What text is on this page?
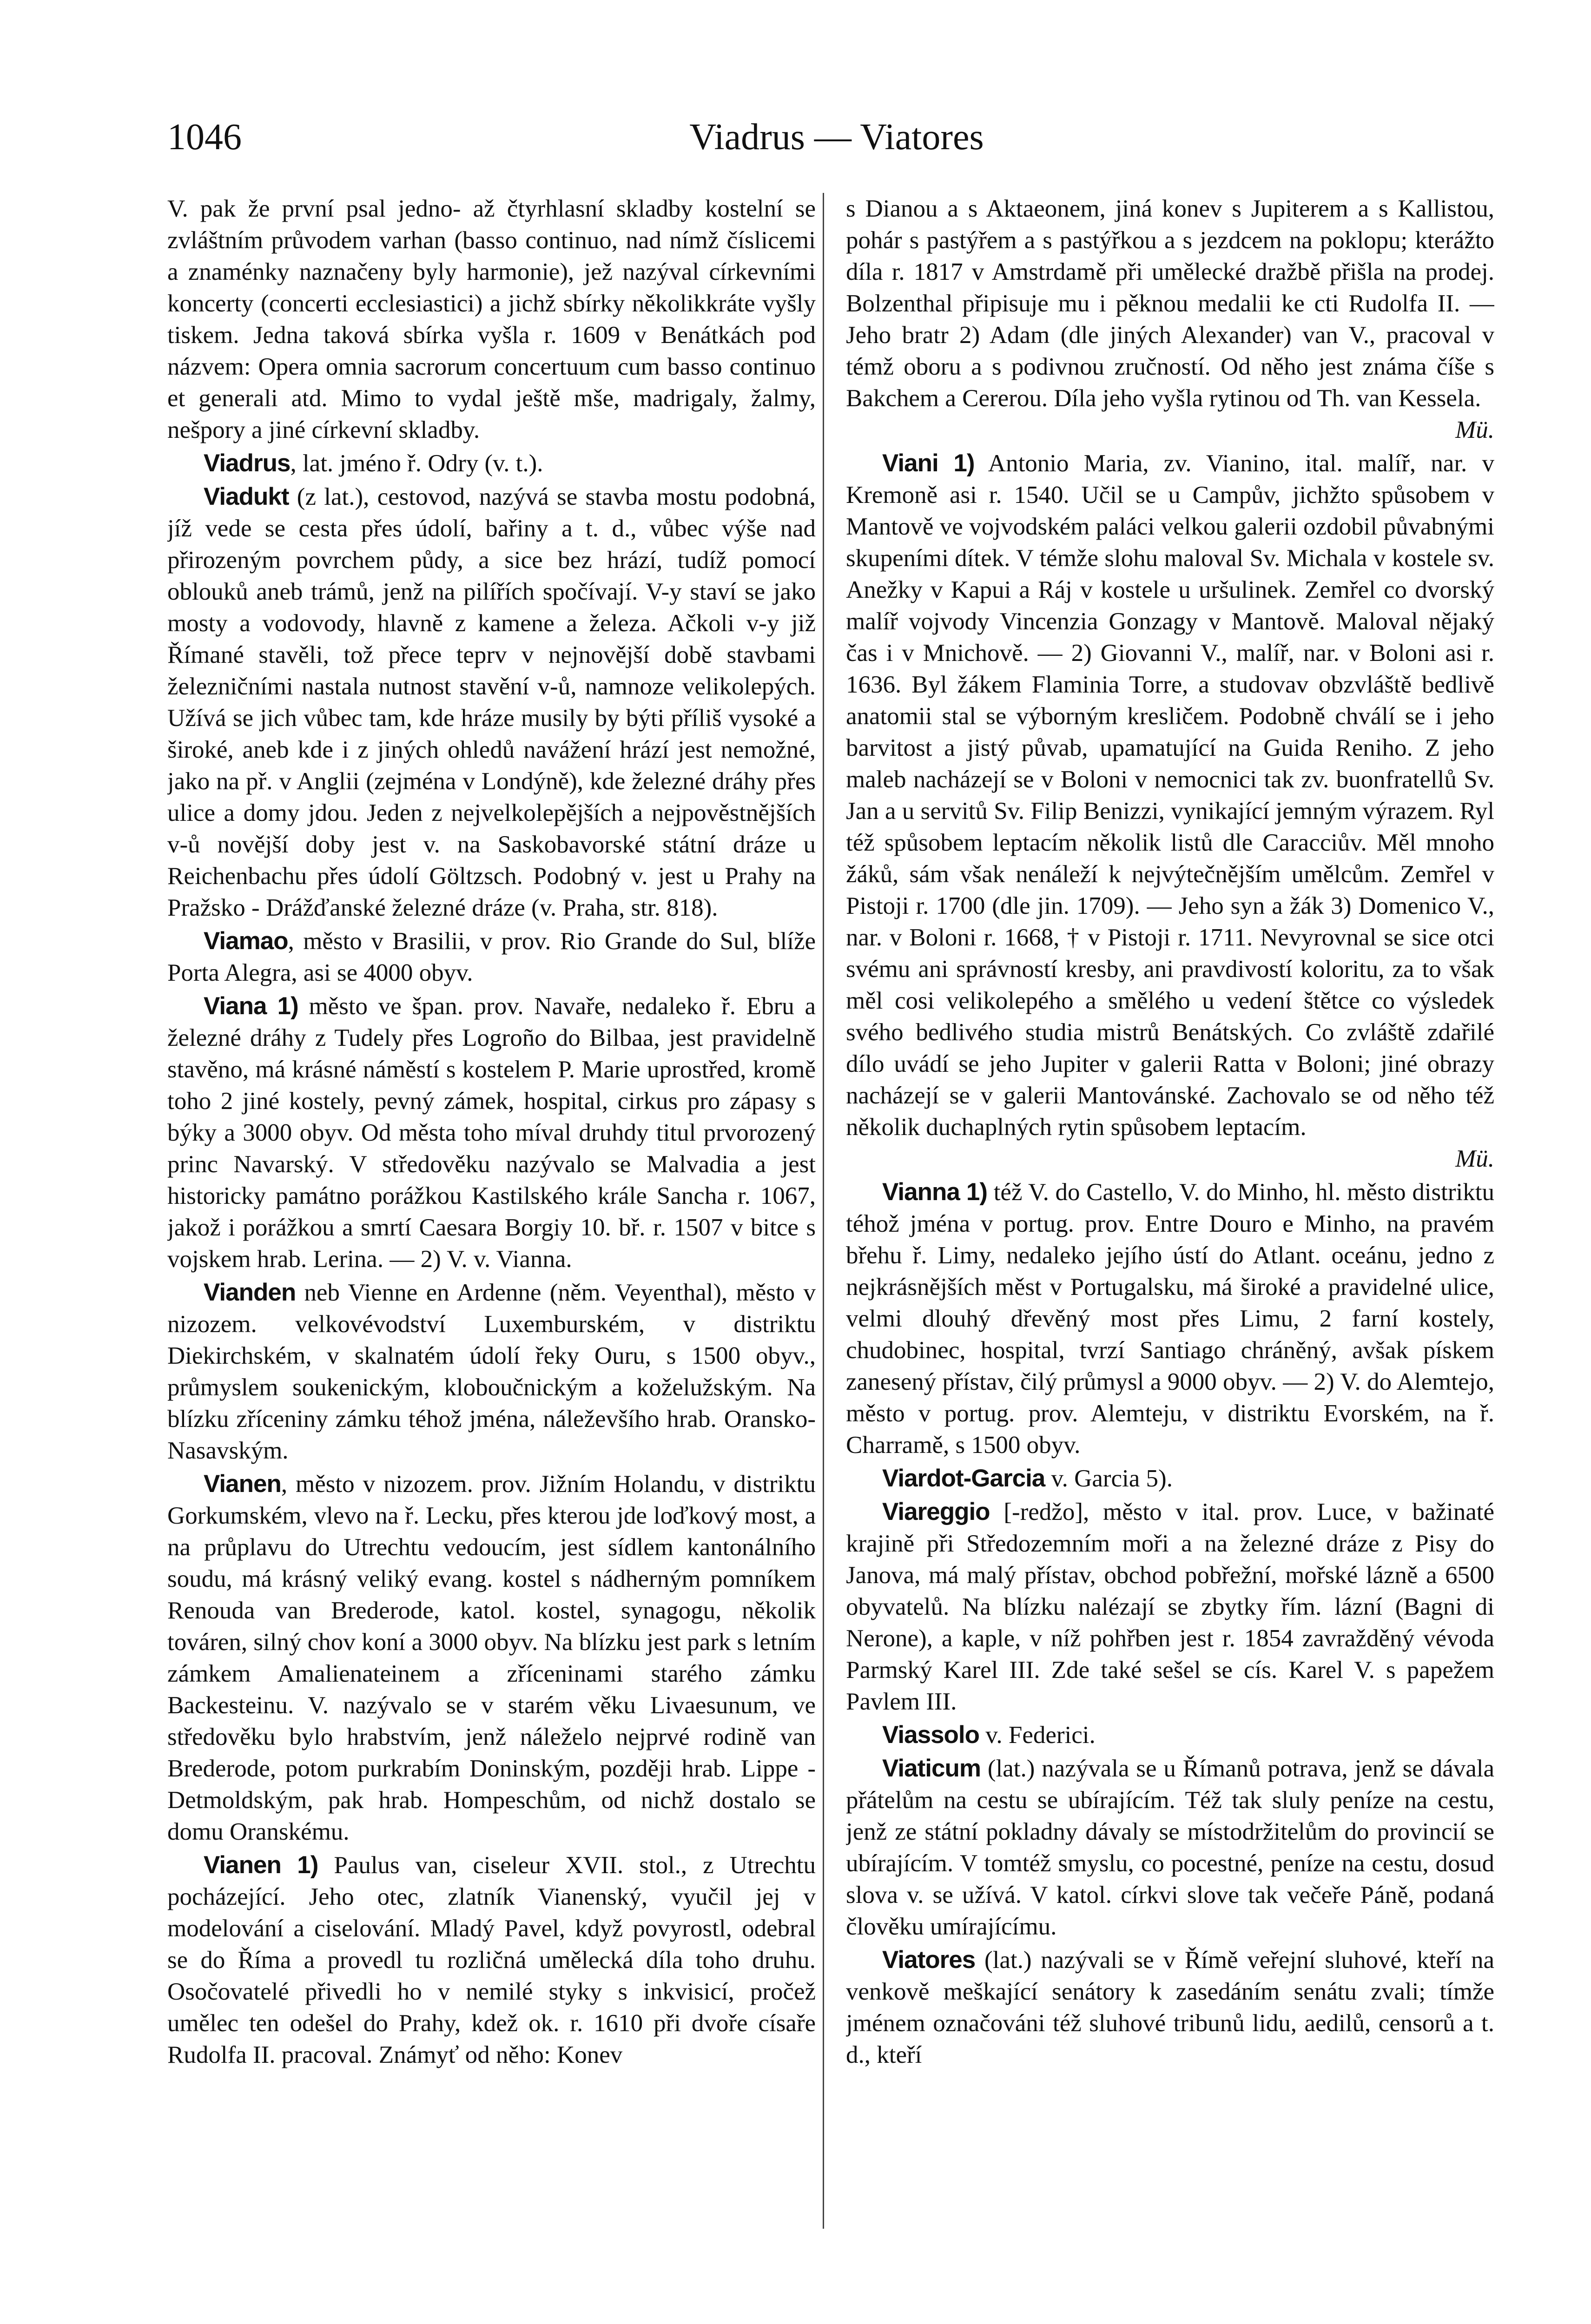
1046	Viadrus — Viatores

V. pak že první psal jedno- až čtyrhlasní skladby kostelní se zvláštním průvodem varhan (basso continuo, nad nímž číslicemi a znaménky naznačeny byly harmonie), jež nazýval církevními koncerty (concerti ecclesiastici) a jichž sbírky několikkráte vyšly tiskem. Jedna taková sbírka vyšla r. 1609 v Benátkách pod názvem: Opera omnia sacrorum concertuum cum basso continuo et generali atd. Mimo to vydal ještě mše, madrigaly, žalmy, nešpory a jiné církevní skladby.

Viadrus, lat. jméno ř. Odry (v. t.).

Viadukt (z lat.), cestovod, nazývá se stavba mostu podobná, jíž vede se cesta přes údolí, bařiny a t. d., vůbec výše nad přirozeným povrchem půdy, a sice bez hrází, tudíž pomocí oblouků aneb trámů, jenž na pilířích spočívají. V-y staví se jako mosty a vodovody, hlavně z kamene a železa. Ačkoli v-y již Římané stavěli, tož přece teprv v nejnovější době stavbami železničními nastala nutnost stavění v-ů, namnoze velikolepých. Užívá se jich vůbec tam, kde hráze musily by býti příliš vysoké a široké, aneb kde i z jiných ohledů navážení hrází jest nemožné, jako na př. v Anglii (zejména v Londýně), kde železné dráhy přes ulice a domy jdou. Jeden z nejvelkolepějších a nejpověstnějších v-ů novější doby jest v. na Saskobavorské státní dráze u Reichenbachu přes údolí Göltzsch. Podobný v. jest u Prahy na Pražsko - Drážďanské železné dráze (v. Praha, str. 818).

Viamao, město v Brasilii, v prov. Rio Grande do Sul, blíže Porta Alegra, asi se 4000 obyv.

Viana 1) město ve špan. prov. Navaře, nedaleko ř. Ebru a železné dráhy z Tudely přes Logroño do Bilbaa, jest pravidelně stavěno, má krásné náměstí s kostelem P. Marie uprostřed, kromě toho 2 jiné kostely, pevný zámek, hospital, cirkus pro zápasy s býky a 3000 obyv. Od města toho míval druhdy titul prvorozený princ Navarský. V středověku nazývalo se Malvadia a jest historicky památno porážkou Kastilského krále Sancha r. 1067, jakož i porážkou a smrtí Caesara Borgiy 10. bř. r. 1507 v bitce s vojskem hrab. Lerina. — 2) V. v. Vianna.

Vianden neb Vienne en Ardenne (něm. Veyenthal), město v nizozem. velkovévodství Luxemburském, v distriktu Diekirchském, v skalnatém údolí řeky Ouru, s 1500 obyv., průmyslem soukenickým, kloboučnickým a koželužským. Na blízku zříceniny zámku téhož jména, náleževšího hrab. Oransko-Nasavským.

Vianen, město v nizozem. prov. Jižním Holandu, v distriktu Gorkumském, vlevo na ř. Lecku, přes kterou jde loďkový most, a na průplavu do Utrechtu vedoucím, jest sídlem kantonálního soudu, má krásný veliký evang. kostel s nádherným pomníkem Renouda van Brederode, katol. kostel, synagogu, několik továren, silný chov koní a 3000 obyv. Na blízku jest park s letním zámkem Amalienateinem a zříceninami starého zámku Backesteinu. V. nazývalo se v starém věku Livaesunum, ve středověku bylo hrabstvím, jenž náleželo nejprvé rodině van Brederode, potom purkrabím Doninským, později hrab. Lippe - Detmoldským, pak hrab. Hompeschům, od nichž dostalo se domu Oranskému.

Vianen 1) Paulus van, ciseleur XVII. stol., z Utrechtu pocházející. Jeho otec, zlatník Vianenský, vyučil jej v modelování a ciselování. Mladý Pavel, když povyrostl, odebral se do Říma a provedl tu rozličná umělecká díla toho druhu. Osočovatelé přivedli ho v nemilé styky s inkvisicí, pročež umělec ten odešel do Prahy, kdež ok. r. 1610 při dvoře císaře Rudolfa II. pracoval. Známyť od něho: Konev

s Dianou a s Aktaeonem, jiná konev s Jupiterem a s Kallistou, pohár s pastýřem a s pastýřkou a s jezdcem na poklopu; kterážto díla r. 1817 v Amstrdamě při umělecké dražbě přišla na prodej. Bolzenthal připisuje mu i pěknou medalii ke cti Rudolfa II. — Jeho bratr 2) Adam (dle jiných Alexander) van V., pracoval v témž oboru a s podivnou zručností. Od něho jest známa číše s Bakchem a Cererou. Díla jeho vyšla rytinou od Th. van Kessela.
Mü.

Viani 1) Antonio Maria, zv. Vianino, ital. malíř, nar. v Kremoně asi r. 1540. Učil se u Campův, jichžto spůsobem v Mantově ve vojvodském paláci velkou galerii ozdobil půvabnými skupeními dítek. V témže slohu maloval Sv. Michala v kostele sv. Anežky v Kapui a Ráj v kostele u uršulinek. Zemřel co dvorský malíř vojvody Vincenzia Gonzagy v Mantově. Maloval nějaký čas i v Mnichově. — 2) Giovanni V., malíř, nar. v Boloni asi r. 1636. Byl žákem Flaminia Torre, a studovav obzvláště bedlivě anatomii stal se výborným kresličem. Podobně chválí se i jeho barvitost a jistý půvab, upamatující na Guida Reniho. Z jeho maleb nacházejí se v Boloni v nemocnici tak zv. buonfratellů Sv. Jan a u servitů Sv. Filip Benizzi, vynikající jemným výrazem. Ryl též spůsobem leptacím několik listů dle Caracciův. Měl mnoho žáků, sám však nenáleží k nejvýtečnějším umělcům. Zemřel v Pistoji r. 1700 (dle jin. 1709). — Jeho syn a žák 3) Domenico V., nar. v Boloni r. 1668, † v Pistoji r. 1711. Nevyrovnal se sice otci svému ani správností kresby, ani pravdivostí koloritu, za to však měl cosi velikolepého a smělého u vedení štětce co výsledek svého bedlivého studia mistrů Benátských. Co zvláště zdařilé dílo uvádí se jeho Jupiter v galerii Ratta v Boloni; jiné obrazy nacházejí se v galerii Mantovánské. Zachovalo se od něho též několik duchaplných rytin spůsobem leptacím.
Mü.

Vianna 1) též V. do Castello, V. do Minho, hl. město distriktu téhož jména v portug. prov. Entre Douro e Minho, na pravém břehu ř. Limy, nedaleko jejího ústí do Atlant. oceánu, jedno z nejkrásnějších měst v Portugalsku, má široké a pravidelné ulice, velmi dlouhý dřevěný most přes Limu, 2 farní kostely, chudobinec, hospital, tvrzí Santiago chráněný, avšak pískem zanesený přístav, čilý průmysl a 9000 obyv. — 2) V. do Alemtejo, město v portug. prov. Alemteju, v distriktu Evorském, na ř. Charramě, s 1500 obyv.

Viardot-Garcia v. Garcia 5).

Viareggio [-redžo], město v ital. prov. Luce, v bažinaté krajině při Středozemním moři a na železné dráze z Pisy do Janova, má malý přístav, obchod pobřežní, mořské lázně a 6500 obyvatelů. Na blízku nalézají se zbytky řím. lázní (Bagni di Nerone), a kaple, v níž pohřben jest r. 1854 zavražděný vévoda Parmský Karel III. Zde také sešel se cís. Karel V. s papežem Pavlem III.

Viassolo v. Federici.

Viaticum (lat.) nazývala se u Římanů potrava, jenž se dávala přátelům na cestu se ubírajícím. Též tak sluly peníze na cestu, jenž ze státní pokladny dávaly se místodržitelům do provincií se ubírajícím. V tomtéž smyslu, co pocestné, peníze na cestu, dosud slova v. se užívá. V katol. církvi slove tak večeře Páně, podaná člověku umírajícímu.

Viatores (lat.) nazývali se v Římě veřejní sluhové, kteří na venkově meškající senátory k zasedáním senátu zvali; tímže jménem označováni též sluhové tribunů lidu, aedilů, censorů a t. d., kteří
